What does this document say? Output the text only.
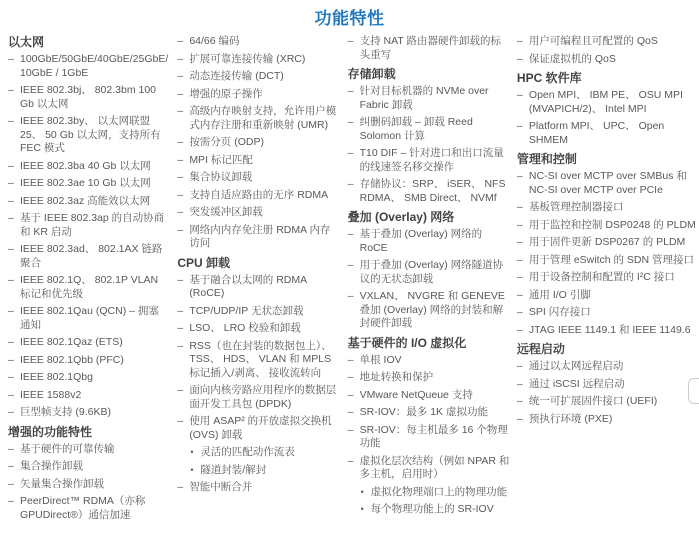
功能特性
以太网
– 100GbE/50GbE/40GbE/25GbE/ 10GbE / 1GbE
– IEEE 802.3bj、 802.3bm 100 Gb 以太网
– IEEE 802.3by、 以太网联盟 25、 50 Gb 以太网，支持所有 FEC 模式
– IEEE 802.3ba 40 Gb 以太网
– IEEE 802.3ae 10 Gb 以太网
– IEEE 802.3az 高能效以太网
– 基于 IEEE 802.3ap 的自动协商和 KR 启动
– IEEE 802.3ad、 802.1AX 链路聚合
– IEEE 802.1Q、 802.1P VLAN 标记和优先级
– IEEE 802.1Qau (QCN) – 拥塞通知
– IEEE 802.1Qaz (ETS)
– IEEE 802.1Qbb (PFC)
– IEEE 802.1Qbg
– IEEE 1588v2
– 巨型帧支持 (9.6KB)
增强的功能特性
– 基于硬件的可靠传输
– 集合操作卸载
– 矢量集合操作卸载
– PeerDirect™ RDMA（亦称 GPUDirect®）通信加速
– 64/66 编码
– 扩展可靠连接传输 (XRC)
– 动态连接传输 (DCT)
– 增强的原子操作
– 高级内存映射支持，允许用户模式内存注册和重新映射 (UMR)
– 按需分页 (ODP)
– MPI 标记匹配
– 集合协议卸载
– 支持自适应路由的无序 RDMA
– 突发缓冲区卸载
– 网络内内存免注册 RDMA 内存访问
CPU 卸载
– 基于融合以太网的 RDMA (RoCE)
– TCP/UDP/IP 无状态卸载
– LSO、 LRO 校验和卸载
– RSS（也在封装的数据包上）、 TSS、 HDS、 VLAN 和 MPLS 标记插入/剥离、 接收流转向
– 面向内核旁路应用程序的数据层面开发工具包 (DPDK)
– 使用 ASAP² 的开放虚拟交换机 (OVS) 卸载
• 灵活的匹配动作流表
• 隧道封装/解封
– 智能中断合并
– 支持 NAT 路由器硬件卸载的标头重写
存储卸载
– 针对目标机器的 NVMe over Fabric 卸载
– 纠删码卸载 – 卸载 Reed Solomon 计算
– T10 DIF – 针对进口和出口流量的线速签名移交操作
– 存储协议：SRP、 iSER、 NFS RDMA、 SMB Direct、 NVMf
叠加 (Overlay) 网络
– 基于叠加 (Overlay) 网络的 RoCE
– 用于叠加 (Overlay) 网络隧道协议的无状态卸载
– VXLAN、 NVGRE 和 GENEVE 叠加 (Overlay) 网络的封装和解封硬件卸载
基于硬件的 I/O 虚拟化
– 单根 IOV
– 地址转换和保护
– VMware NetQueue 支持
– SR-IOV：最多 1K 虚拟功能
– SR-IOV：每主机最多 16 个物理功能
– 虚拟化层次结构（例如 NPAR 和多主机，启用时）
• 虚拟化物理端口上的物理功能
• 每个物理功能上的 SR-IOV
– 用户可编程且可配置的 QoS
– 保证虚拟机的 QoS
HPC 软件库
– Open MPI、 IBM PE、 OSU MPI (MVAPICH/2)、 Intel MPI
– Platform MPI、 UPC、 Open SHMEM
管理和控制
– NC-SI over MCTP over SMBus 和 NC-SI over MCTP over PCIe
– 基板管理控制器接口
– 用于监控和控制 DSP0248 的 PLDM
– 用于固件更新 DSP0267 的 PLDM
– 用于管理 eSwitch 的 SDN 管理接口
– 用于设备控制和配置的 I²C 接口
– 通用 I/O 引脚
– SPI 闪存接口
– JTAG IEEE 1149.1 和 IEEE 1149.6
远程启动
– 通过以太网远程启动
– 通过 iSCSI 远程启动
– 统一可扩展固件接口 (UEFI)
– 预执行环境 (PXE)
